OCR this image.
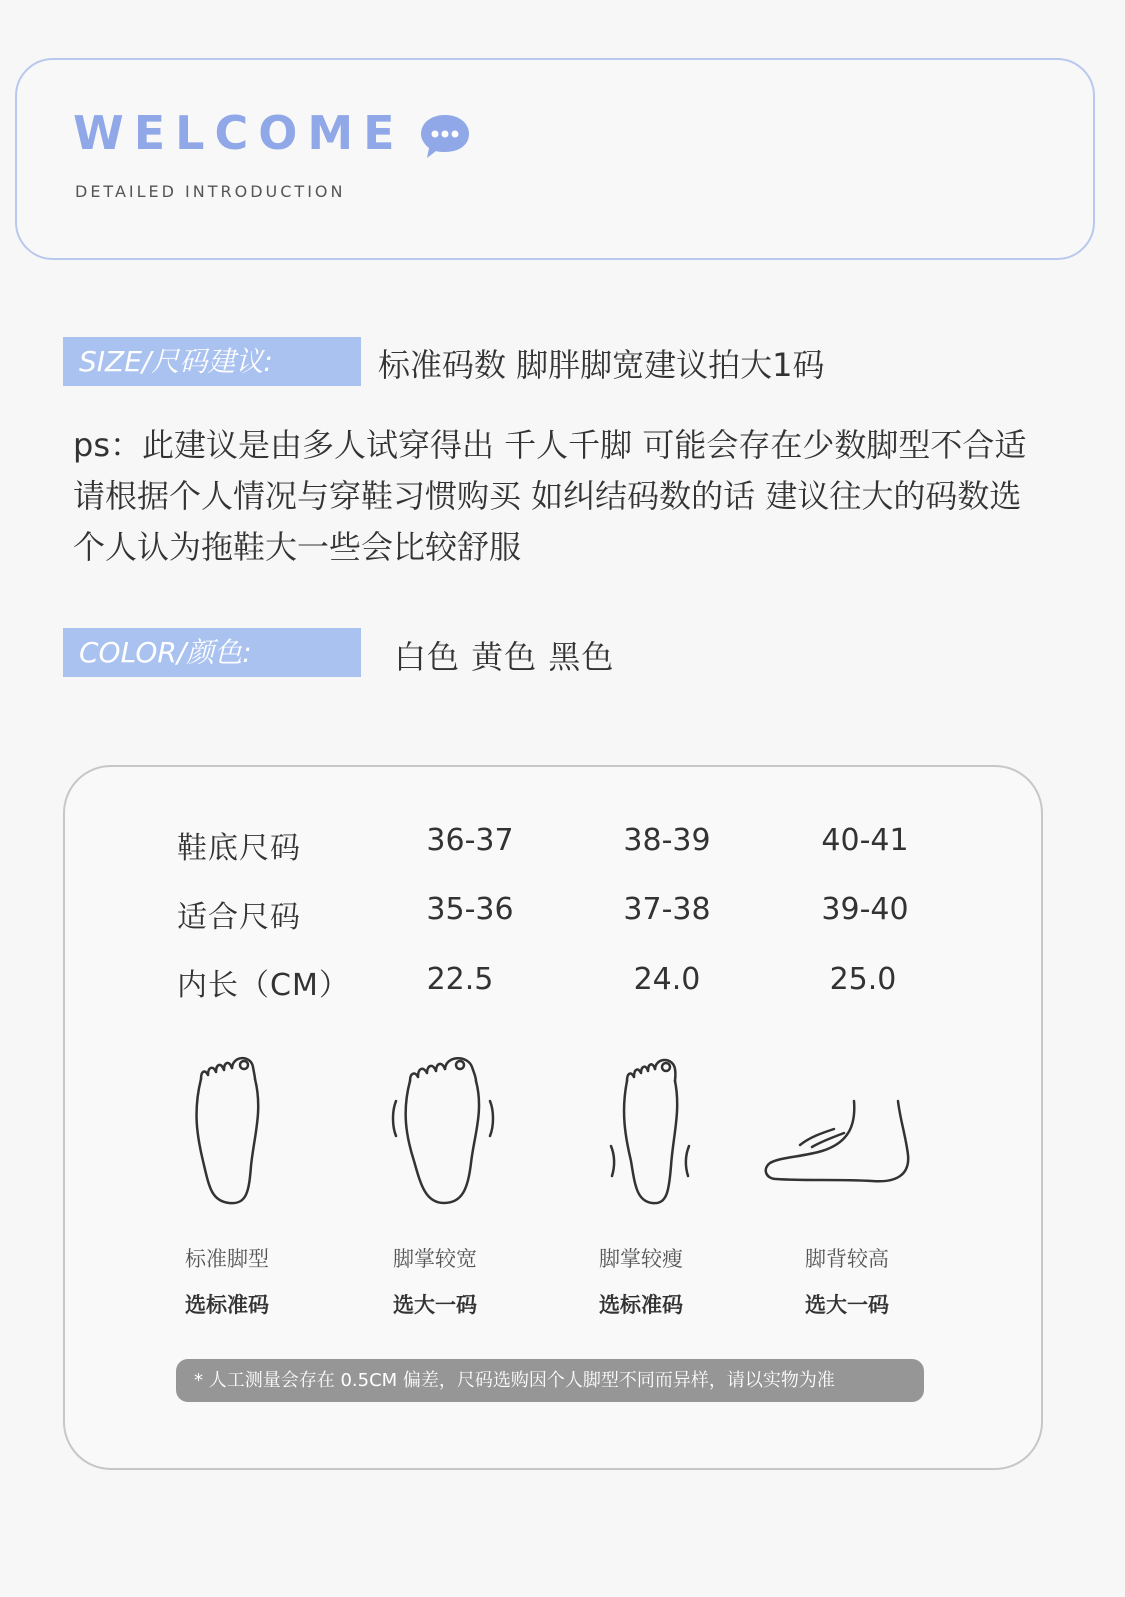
WELCOME
DETAILED INTRODUCTION
SIZE/尺码建议:	标准码数 脚胖脚宽建议拍大1码
ps：此建议是由多人试穿得出 千人千脚 可能会存在少数脚型不合适 请根据个人情况与穿鞋习惯购买 如纠结码数的话 建议往大的码数选 个人认为拖鞋大一些会比较舒服
COLOR/颜色:	白色 黄色 黑色
鞋底尺码	36-37	38-39	40-41
适合尺码	35-36	37-38	39-40
内长（CM）	22.5	24.0	25.0
标准脚型
选标准码
脚掌较宽
选大一码
脚掌较瘦
选标准码
脚背较高
选大一码
* 人工测量会存在 0.5CM 偏差，尺码选购因个人脚型不同而异样，请以实物为准
